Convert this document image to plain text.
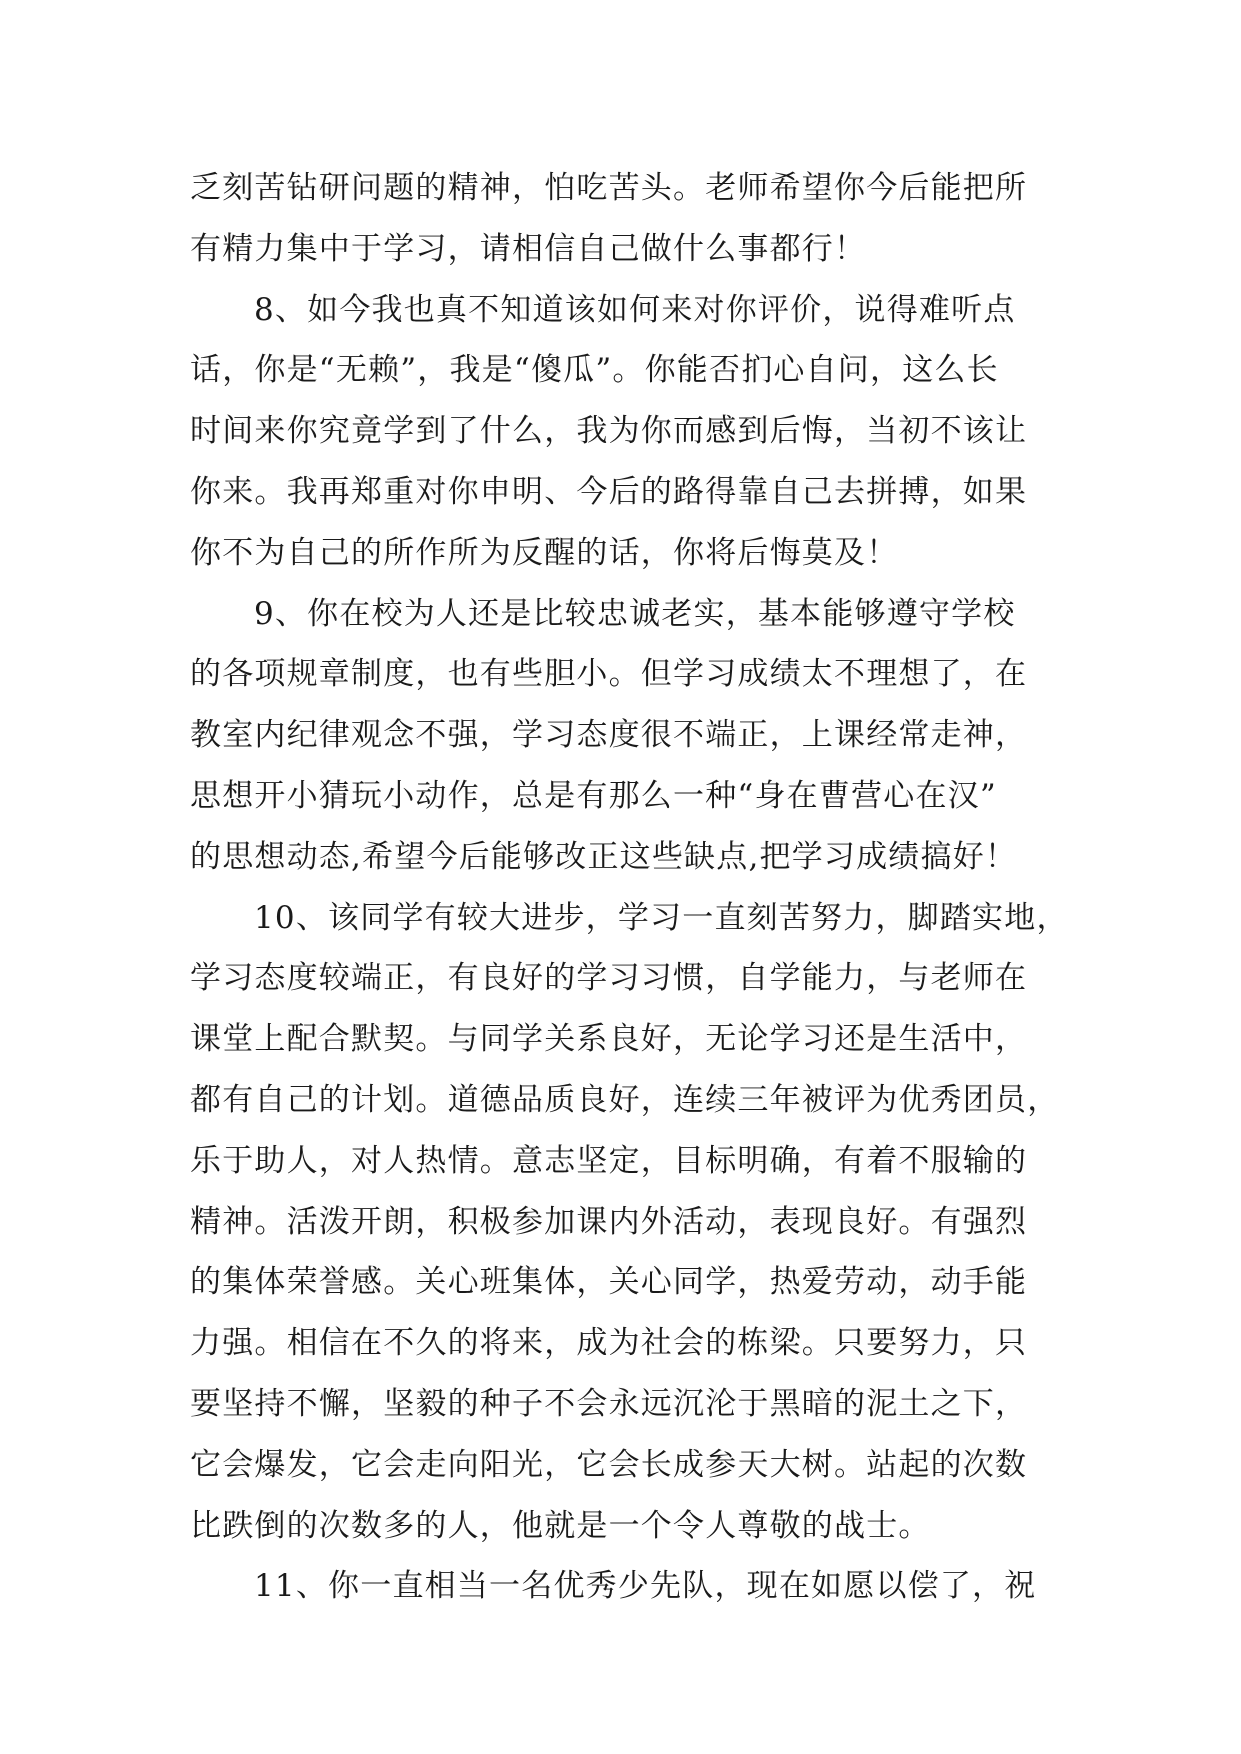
乏刻苦钻研问题的精神，怕吃苦头。老师希望你今后能把所
有精力集中于学习，请相信自己做什么事都行！
8、如今我也真不知道该如何来对你评价，说得难听点
话，你是“无赖”，我是“傻瓜”。你能否扪心自问，这么长
时间来你究竟学到了什么，我为你而感到后悔，当初不该让
你来。我再郑重对你申明、今后的路得靠自己去拼搏，如果
你不为自己的所作所为反醒的话，你将后悔莫及！
9、你在校为人还是比较忠诚老实，基本能够遵守学校
的各项规章制度，也有些胆小。但学习成绩太不理想了，在
教室内纪律观念不强，学习态度很不端正，上课经常走神，
思想开小猜玩小动作，总是有那么一种“身在曹营心在汉”
的思想动态,希望今后能够改正这些缺点,把学习成绩搞好！
10、该同学有较大进步，学习一直刻苦努力，脚踏实地，
学习态度较端正，有良好的学习习惯，自学能力，与老师在
课堂上配合默契。与同学关系良好，无论学习还是生活中，
都有自己的计划。道德品质良好，连续三年被评为优秀团员，
乐于助人，对人热情。意志坚定，目标明确，有着不服输的
精神。活泼开朗，积极参加课内外活动，表现良好。有强烈
的集体荣誉感。关心班集体，关心同学，热爱劳动，动手能
力强。相信在不久的将来，成为社会的栋梁。只要努力，只
要坚持不懈，坚毅的种子不会永远沉沦于黑暗的泥土之下，
它会爆发，它会走向阳光，它会长成参天大树。站起的次数
比跌倒的次数多的人，他就是一个令人尊敬的战士。
11、你一直相当一名优秀少先队，现在如愿以偿了，祝
